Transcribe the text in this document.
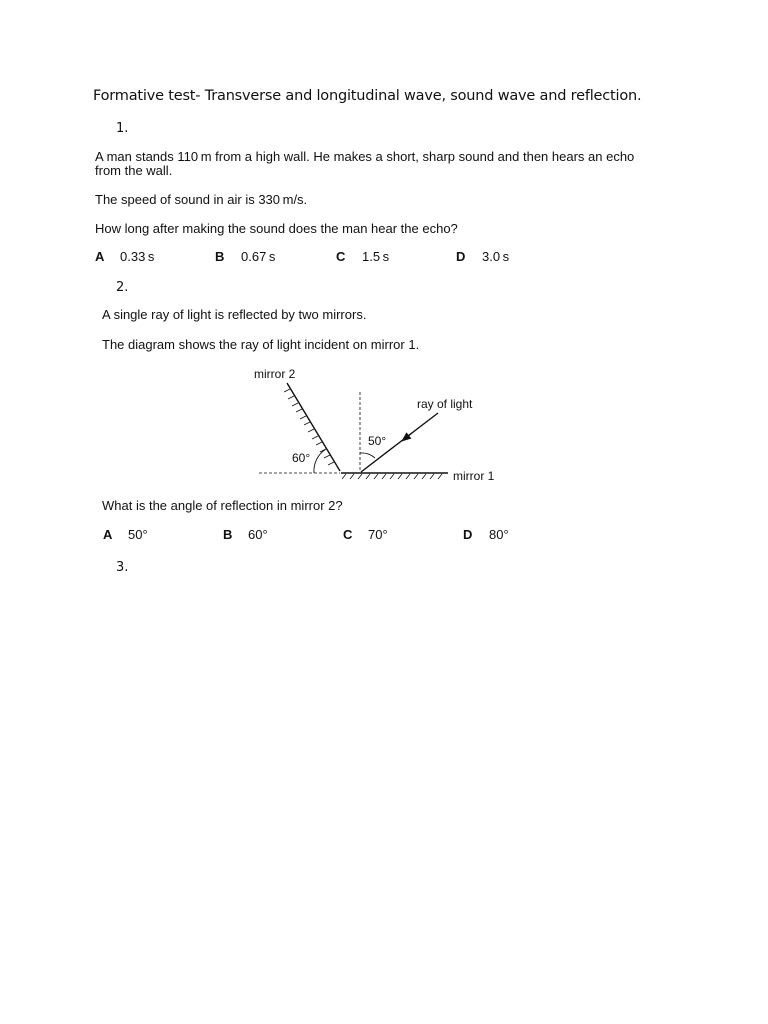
Formative test- Transverse and longitudinal wave, sound wave and reflection.
1.
A man stands 110 m from a high wall. He makes a short, sharp sound and then hears an echo
from the wall.
The speed of sound in air is 330 m/s.
How long after making the sound does the man hear the echo?
A 0.33 s	B 0.67 s	C 1.5 s	D 3.0 s
2.
A single ray of light is reflected by two mirrors.
The diagram shows the ray of light incident on mirror 1.
mirror 2
60°
50°
ray of light
mirror 1
What is the angle of reflection in mirror 2?
A 50°	B 60°	C 70°	D 80°
3.
